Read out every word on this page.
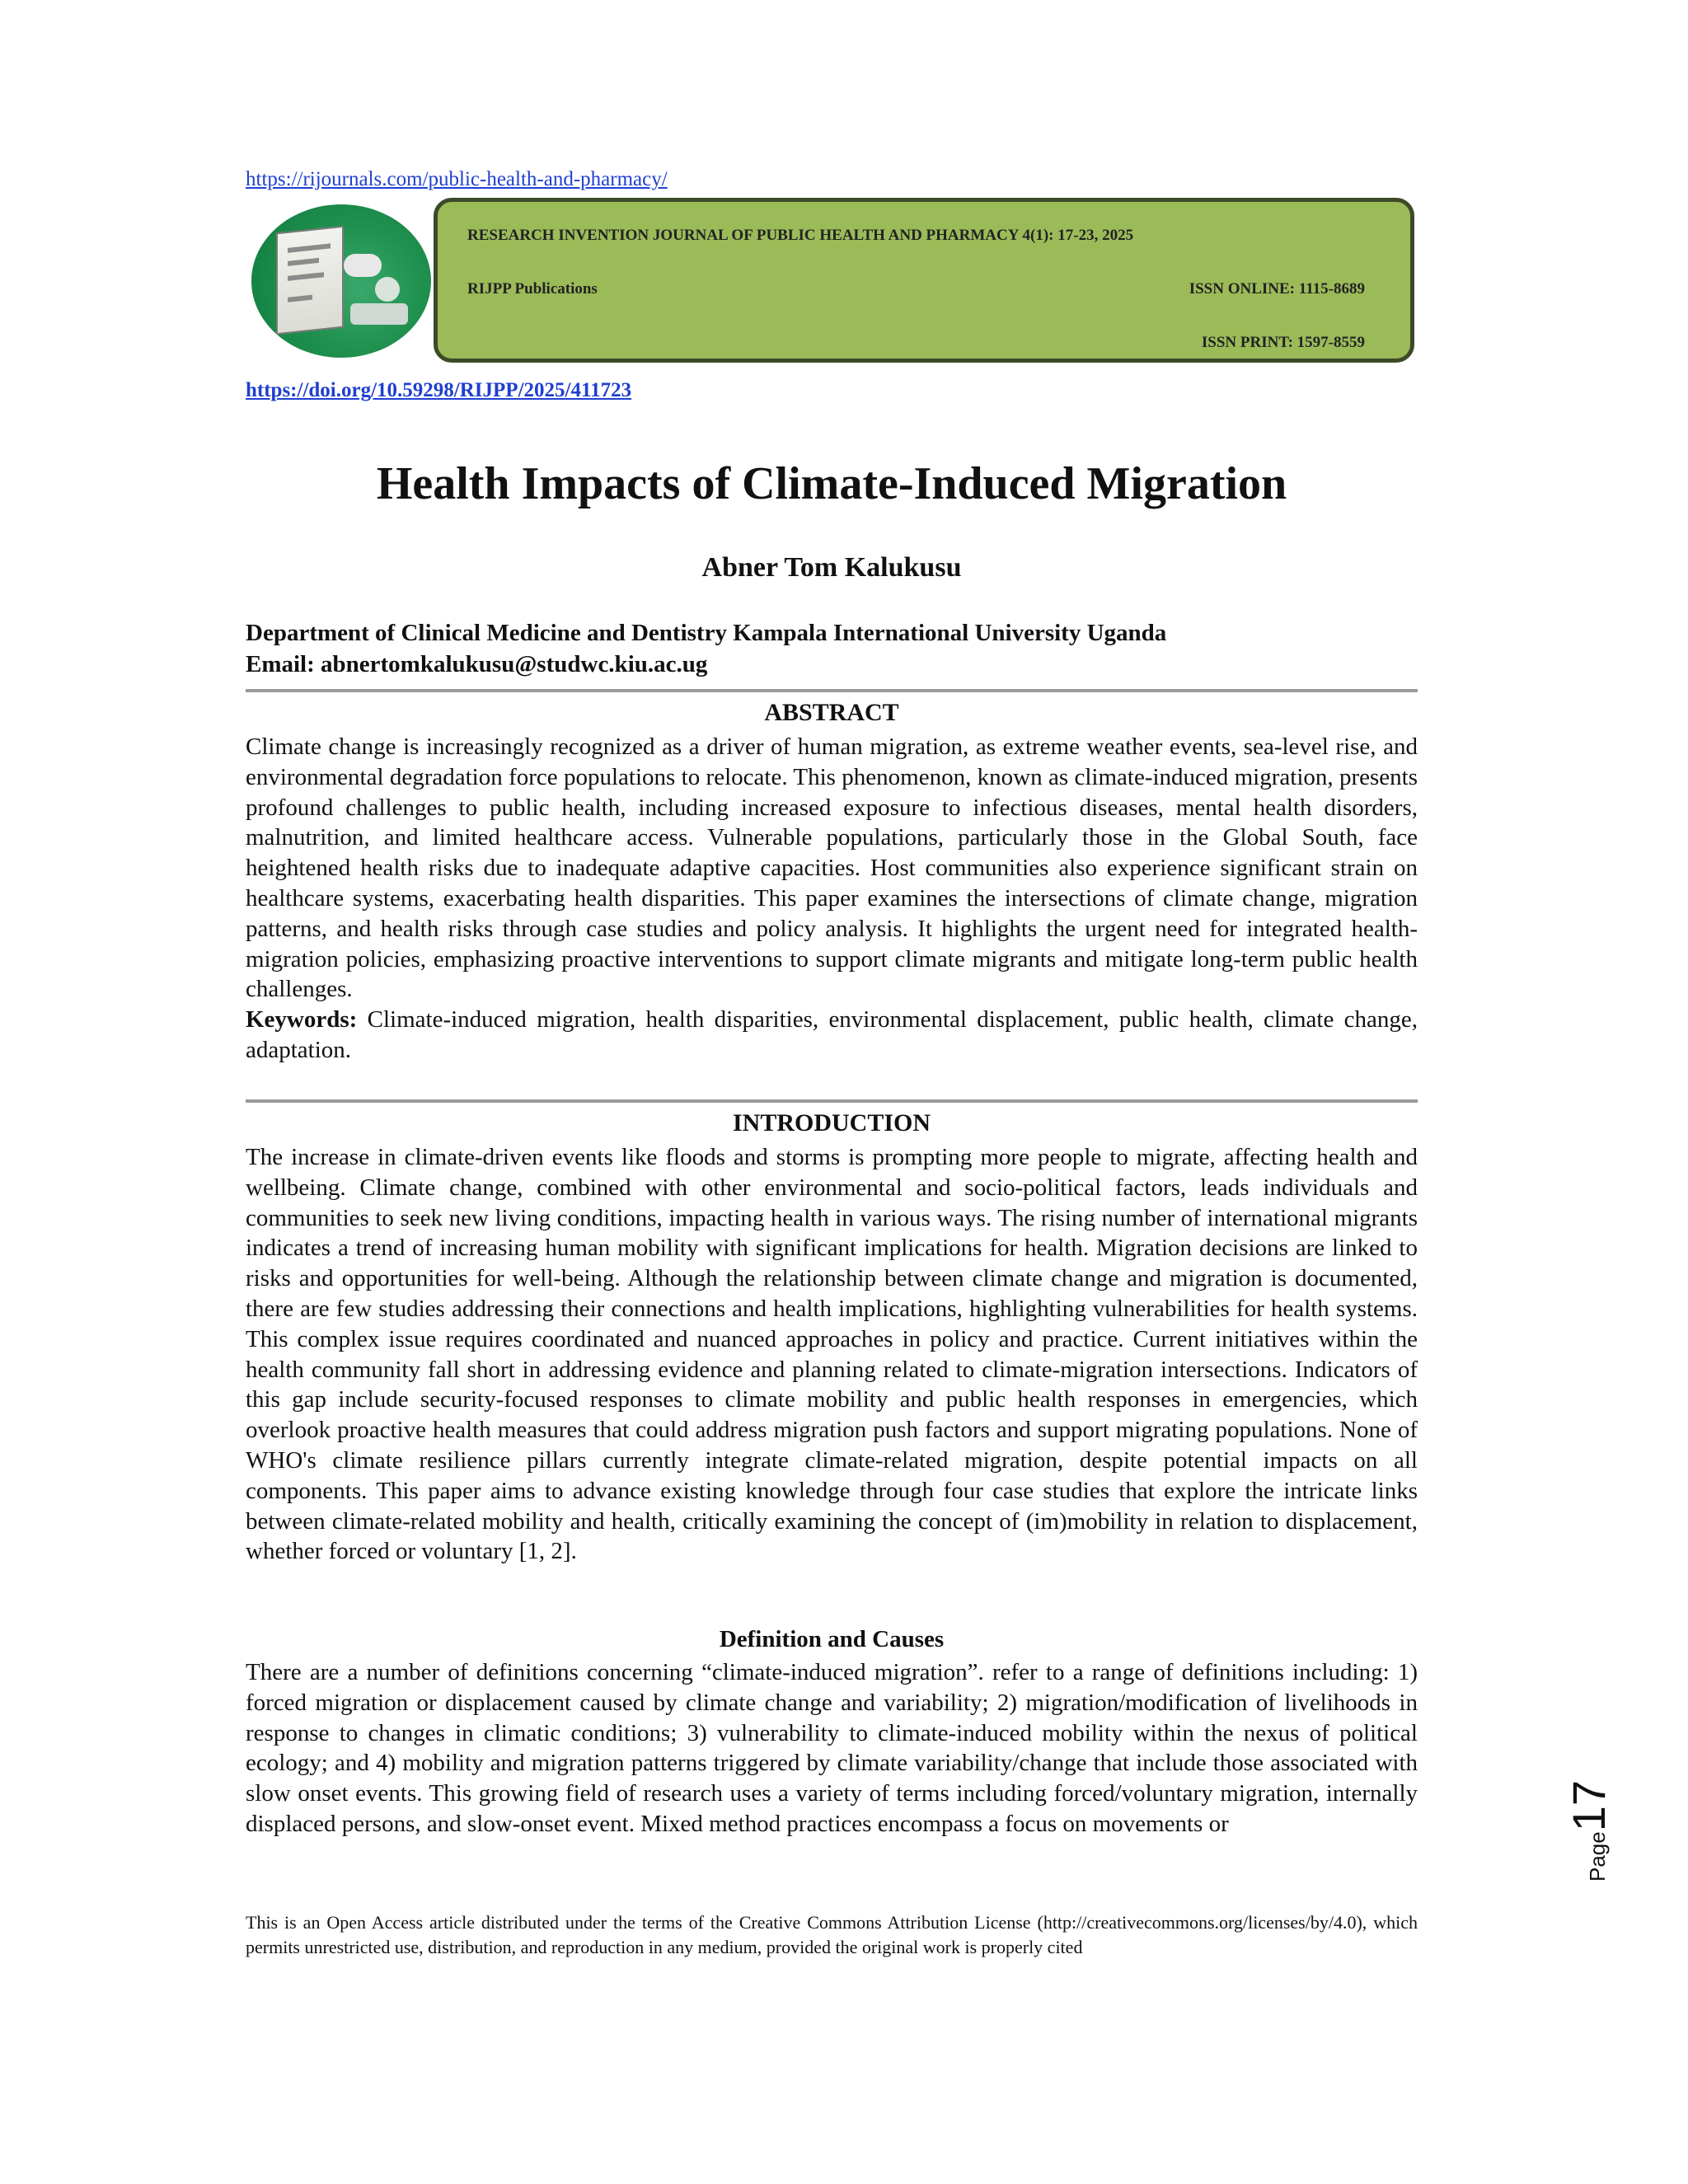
https://rijournals.com/public-health-and-pharmacy/
RESEARCH INVENTION JOURNAL OF PUBLIC HEALTH AND PHARMACY 4(1): 17-23, 2025
RIJPP Publications	ISSN ONLINE: 1115-8689
ISSN PRINT: 1597-8559
https://doi.org/10.59298/RIJPP/2025/411723
Health Impacts of Climate-Induced Migration
Abner Tom Kalukusu
Department of Clinical Medicine and Dentistry Kampala International University Uganda
Email: abnertomkalukusu@studwc.kiu.ac.ug
ABSTRACT

Climate change is increasingly recognized as a driver of human migration, as extreme weather events, sea-level rise, and environmental degradation force populations to relocate. This phenomenon, known as climate-induced migration, presents profound challenges to public health, including increased exposure to infectious diseases, mental health disorders, malnutrition, and limited healthcare access. Vulnerable populations, particularly those in the Global South, face heightened health risks due to inadequate adaptive capacities. Host communities also experience significant strain on healthcare systems, exacerbating health disparities. This paper examines the intersections of climate change, migration patterns, and health risks through case studies and policy analysis. It highlights the urgent need for integrated health-migration policies, emphasizing proactive interventions to support climate migrants and mitigate long-term public health challenges.
Keywords: Climate-induced migration, health disparities, environmental displacement, public health, climate change, adaptation.

INTRODUCTION

The increase in climate-driven events like floods and storms is prompting more people to migrate, affecting health and wellbeing. Climate change, combined with other environmental and socio-political factors, leads individuals and communities to seek new living conditions, impacting health in various ways. The rising number of international migrants indicates a trend of increasing human mobility with significant implications for health. Migration decisions are linked to risks and opportunities for well-being. Although the relationship between climate change and migration is documented, there are few studies addressing their connections and health implications, highlighting vulnerabilities for health systems. This complex issue requires coordinated and nuanced approaches in policy and practice. Current initiatives within the health community fall short in addressing evidence and planning related to climate-migration intersections. Indicators of this gap include security-focused responses to climate mobility and public health responses in emergencies, which overlook proactive health measures that could address migration push factors and support migrating populations. None of WHO's climate resilience pillars currently integrate climate-related migration, despite potential impacts on all components. This paper aims to advance existing knowledge through four case studies that explore the intricate links between climate-related mobility and health, critically examining the concept of (im)mobility in relation to displacement, whether forced or voluntary [1, 2].

Definition and Causes

There are a number of definitions concerning “climate-induced migration”. refer to a range of definitions including: 1) forced migration or displacement caused by climate change and variability; 2) migration/modification of livelihoods in response to changes in climatic conditions; 3) vulnerability to climate-induced mobility within the nexus of political ecology; and 4) mobility and migration patterns triggered by climate variability/change that include those associated with slow onset events. This growing field of research uses a variety of terms including forced/voluntary migration, internally displaced persons, and slow-onset event. Mixed method practices encompass a focus on movements or

This is an Open Access article distributed under the terms of the Creative Commons Attribution License (http://creativecommons.org/licenses/by/4.0), which permits unrestricted use, distribution, and reproduction in any medium, provided the original work is properly cited

Page
17
